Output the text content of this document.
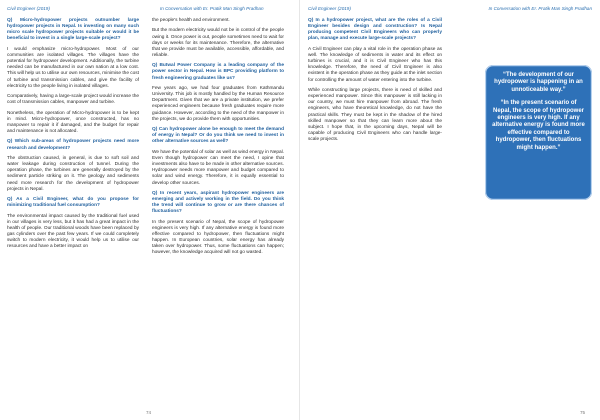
Civil Engineer (2019)	In Conversation with Er. Pratik Man Singh Pradhan

Q) Micro-hydropower projects outnumber large hydropower projects in Nepal. Is investing on many such micro scale hydropower projects suitable or would it be beneficial to invest in a single large-scale project?

I would emphasize micro-hydropower. Most of our communities are isolated villages. The villages have the potential for hydropower development. Additionally, the turbine needed can be manufactured in our own nation at a low cost. This will help us to utilise our own resources, minimise the cost of turbine and transmission cables, and give the facility of electricity to the people living in isolated villages.

Comparatively, having a large-scale project would increase the cost of transmission cables, manpower and turbine.

Nonetheless, the operation of Micro-hydropower is to be kept in mind. Micro-hydropower, once constructed, has no manpower to repair it if damaged, and the budget for repair and maintenance is not allocated.

Q) Which sub-areas of hydropower projects need more research and development?

The obstruction caused, in general, is due to soft soil and water leakage during construction of tunnel. During the operation phase, the turbines are generally destroyed by the sediment particle striking on it. The geology and sediments need more research for the development of hydropower projects in Nepal.

Q) As a Civil Engineer, what do you propose for minimizing traditional fuel consumption?

The environmental impact caused by the traditional fuel used in our villages is very less, but it has had a great impact in the health of people. Our traditional woods have been replaced by gas cylinders over the past few years. If we could completely switch to modern electricity, it would help us to utilise our resources and have a better impact on

the people's health and environment.

But the modern electricity would not be in control of the people owing it. Once power is out, people sometimes need to wait for days or weeks for its maintenance. Therefore, the alternative that we provide must be available, accessible, affordable, and reliable.

Q) Butwal Power Company is a leading company of the power sector in Nepal. How is BPC providing platform to fresh engineering graduates like us?

Few years ago, we had four graduates from Kathmandu University. This job is mostly handled by the Human Resource Department. Given that we are a private institution, we prefer experienced engineers because fresh graduates require more guidance. However, according to the need of the manpower in the projects, we do provide them with opportunities.

Q) Can hydropower alone be enough to meet the demand of energy in Nepal? Or do you think we need to invest in other alternative sources as well?

We have the potential of solar as well as wind energy in Nepal. Even though hydropower can meet the need, I opine that investments also have to be made in other alternative sources. Hydropower needs more manpower and budget compared to solar and wind energy. Therefore, it is equally essential to develop other sources.

Q) In recent years, aspirant hydropower engineers are emerging and actively working in the field. Do you think the trend will continue to grow or are there chances of fluctuations?

In the present scenario of Nepal, the scope of hydropower engineers is very high. If any alternative energy is found more effective compared to hydropower, then fluctuations might happen. In European countries, solar energy has already taken over hydropower. Thus, some fluctuations can happen; however, the knowledge acquired will not go wasted.

74
Civil Engineer (2019)	In Conversation with Er. Pratik Man Singh Pradhan

Q) In a hydropower project, what are the roles of a Civil Engineer besides design and construction? Is Nepal producing competent Civil Engineers who can properly plan, manage and execute large-scale projects?

A Civil Engineer can play a vital role in the operation phase as well. The knowledge of sediments in water and its effect on turbines is crucial, and it is Civil Engineer who has this knowledge. Therefore, the need of Civil Engineer is also existent in the operation phase as they guide at the inlet section for controlling the amount of water entering into the turbine.

While constructing large projects, there is need of skilled and experienced manpower. Since this manpower is still lacking in our country, we must hire manpower from abroad. The fresh engineers, who have theoretical knowledge, do not have the practical skills. They must be kept in the shadow of the hired skilled manpower so that they can learn more about the subject. I hope that, in the upcoming days, Nepal will be capable of producing Civil Engineers who can handle large-scale projects.

“The development of our hydropower is happening in an unnoticeable way.”

“In the present scenario of Nepal, the scope of hydropower engineers is very high. If any alternative energy is found more effective compared to hydropower, then fluctuations might happen.”

75
